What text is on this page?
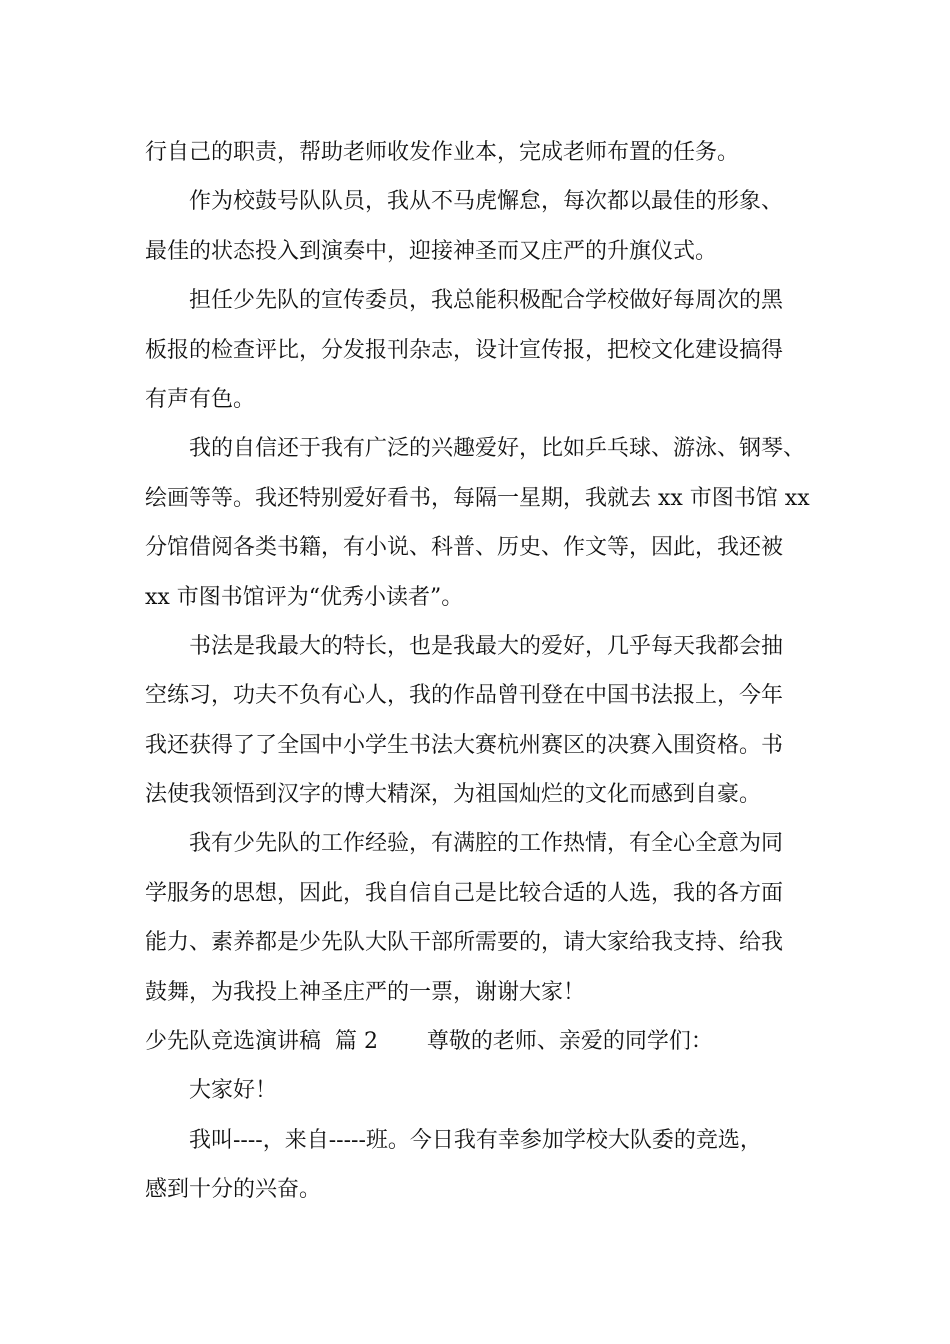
行自己的职责，帮助老师收发作业本，完成老师布置的任务。
作为校鼓号队队员，我从不马虎懈怠，每次都以最佳的形象、
最佳的状态投入到演奏中，迎接神圣而又庄严的升旗仪式。
担任少先队的宣传委员，我总能积极配合学校做好每周次的黑
板报的检查评比，分发报刊杂志，设计宣传报，把校文化建设搞得
有声有色。
我的自信还于我有广泛的兴趣爱好，比如乒乓球、游泳、钢琴、
绘画等等。我还特别爱好看书，每隔一星期，我就去 xx 市图书馆 xx
分馆借阅各类书籍，有小说、科普、历史、作文等，因此，我还被
xx 市图书馆评为“优秀小读者”。
书法是我最大的特长，也是我最大的爱好，几乎每天我都会抽
空练习，功夫不负有心人，我的作品曾刊登在中国书法报上，今年
我还获得了了全国中小学生书法大赛杭州赛区的决赛入围资格。书
法使我领悟到汉字的博大精深，为祖国灿烂的文化而感到自豪。
我有少先队的工作经验，有满腔的工作热情，有全心全意为同
学服务的思想，因此，我自信自己是比较合适的人选，我的各方面
能力、素养都是少先队大队干部所需要的，请大家给我支持、给我
鼓舞，为我投上神圣庄严的一票，谢谢大家！
少先队竞选演讲稿  篇 2       尊敬的老师、亲爱的同学们：
大家好！
我叫----，来自-----班。今日我有幸参加学校大队委的竞选，
感到十分的兴奋。
